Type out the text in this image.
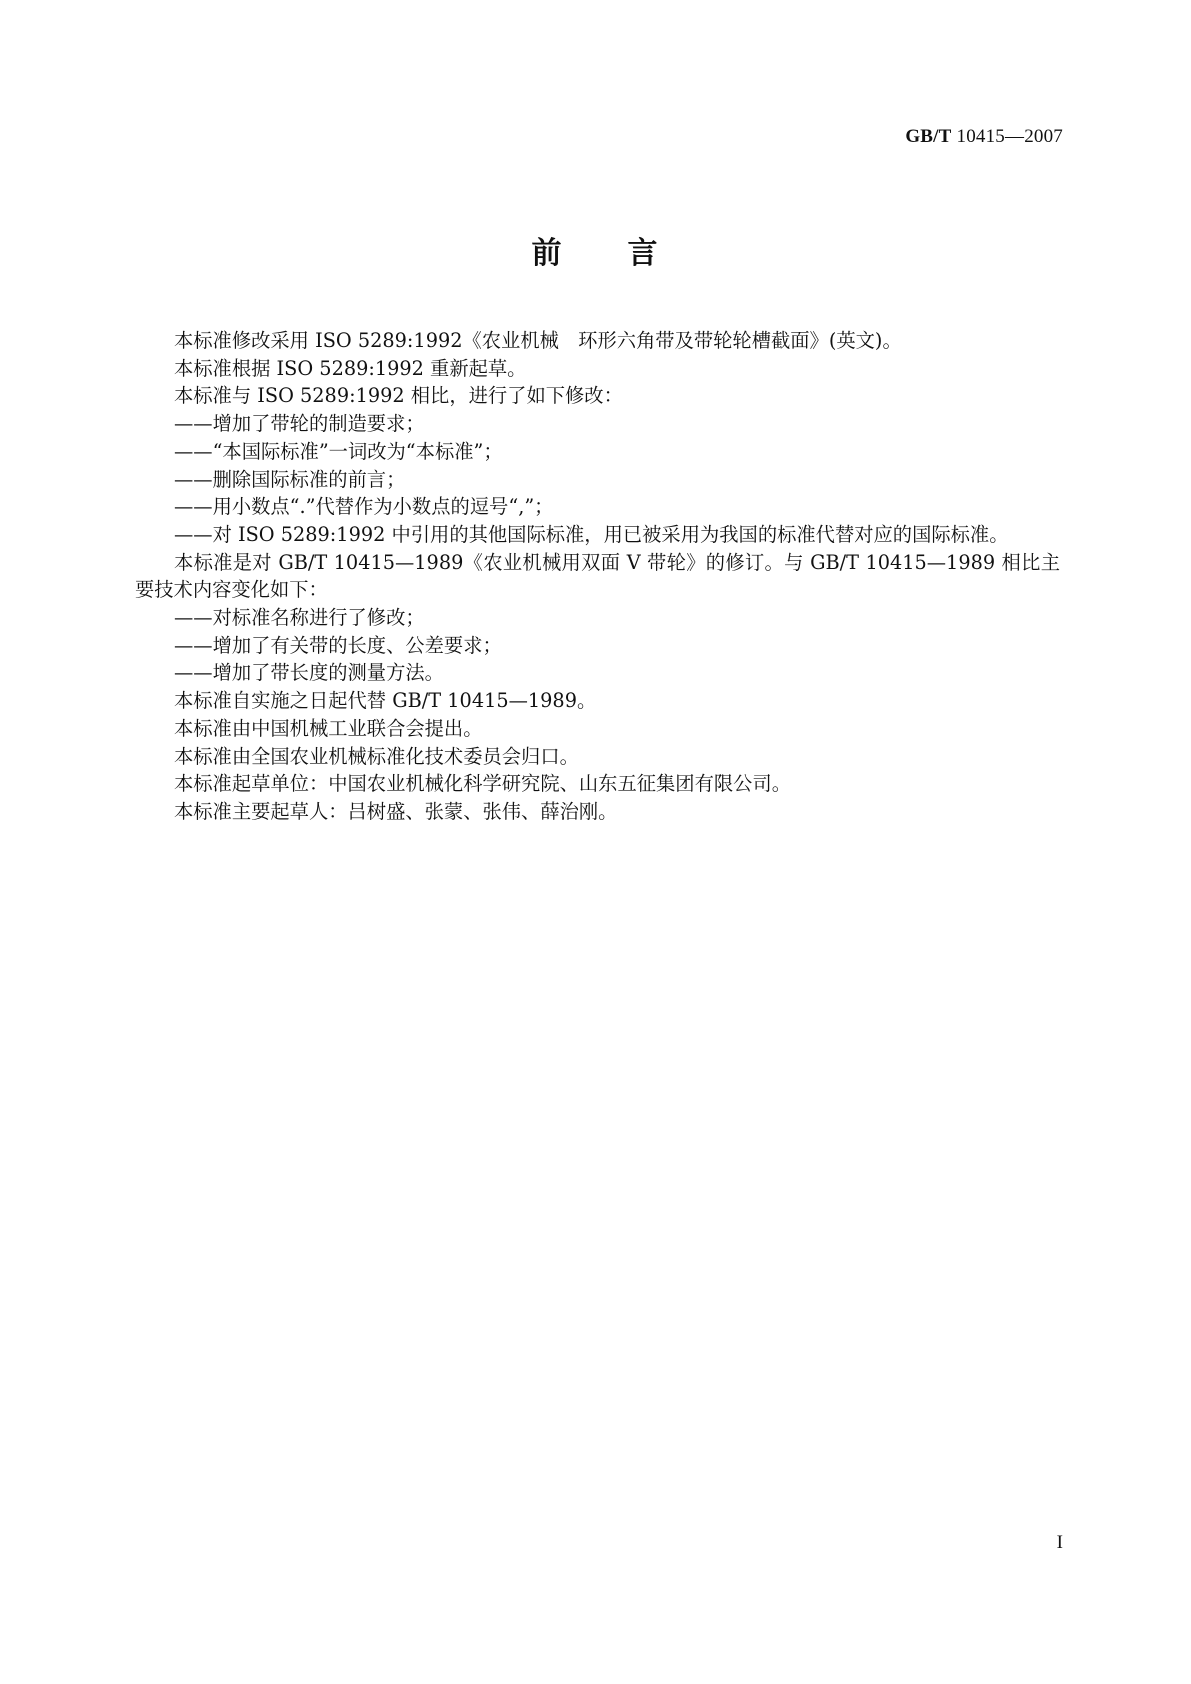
GB/T 10415—2007
前　　言

本标准修改采用 ISO 5289:1992《农业机械　环形六角带及带轮轮槽截面》(英文)。

本标准根据 ISO 5289:1992 重新起草。

本标准与 ISO 5289:1992 相比，进行了如下修改：

——增加了带轮的制造要求；

——“本国际标准”一词改为“本标准”；

——删除国际标准的前言；

——用小数点“.”代替作为小数点的逗号“,”；

——对 ISO 5289:1992 中引用的其他国际标准，用已被采用为我国的标准代替对应的国际标准。

本标准是对 GB/T 10415—1989《农业机械用双面 V 带轮》的修订。与 GB/T 10415—1989 相比主要技术内容变化如下：

——对标准名称进行了修改；

——增加了有关带的长度、公差要求；

——增加了带长度的测量方法。

本标准自实施之日起代替 GB/T 10415—1989。

本标准由中国机械工业联合会提出。

本标准由全国农业机械标准化技术委员会归口。

本标准起草单位：中国农业机械化科学研究院、山东五征集团有限公司。

本标准主要起草人：吕树盛、张蒙、张伟、薛治刚。

I
